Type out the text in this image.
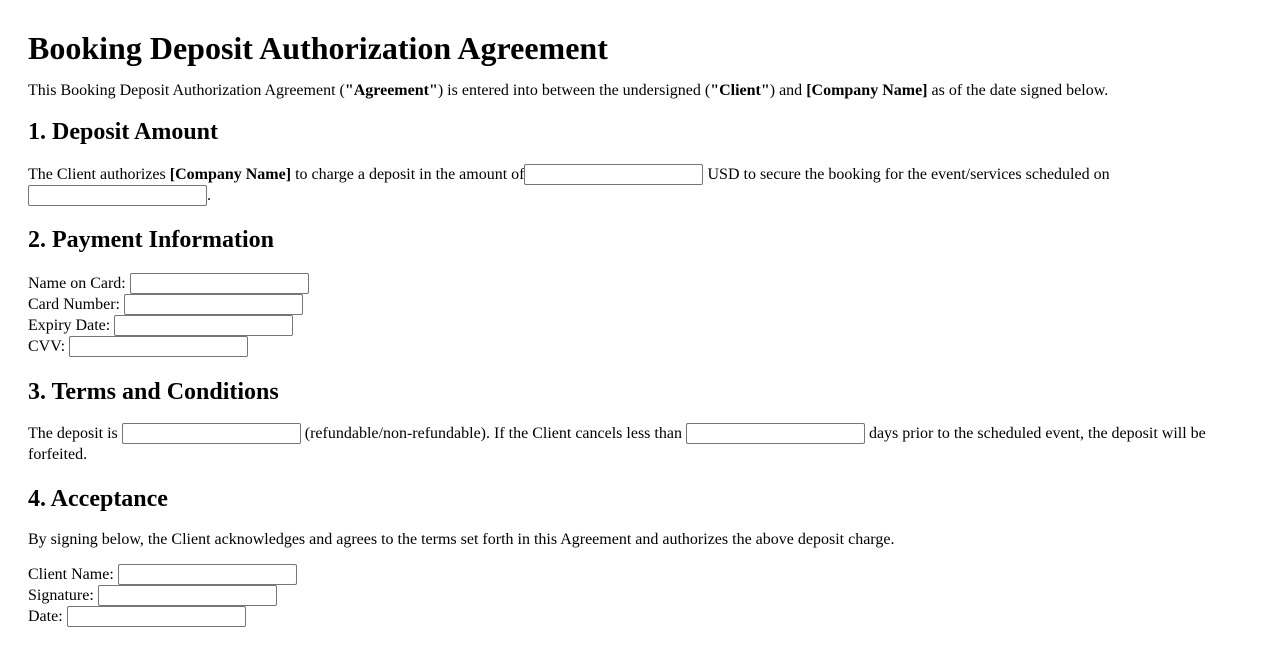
Booking Deposit Authorization Agreement

This Booking Deposit Authorization Agreement ("Agreement") is entered into between the undersigned ("Client") and [Company Name] as of the date signed below.

1. Deposit Amount

The Client authorizes [Company Name] to charge a deposit in the amount of	USD to secure the booking for the event/services scheduled on .

2. Payment Information
Name on Card:
Card Number:
Expiry Date:
CVV:
3. Terms and Conditions

The deposit is	(refundable/non-refundable). If the Client cancels less than	days prior to the scheduled event, the deposit will be forfeited.

4. Acceptance

By signing below, the Client acknowledges and agrees to the terms set forth in this Agreement and authorizes the above deposit charge.

Client Name:
Signature:
Date:
